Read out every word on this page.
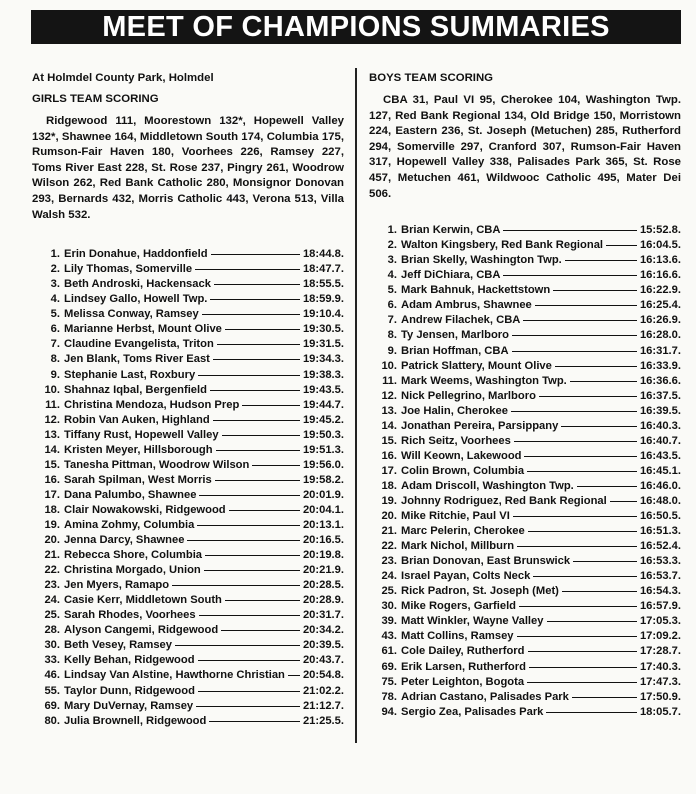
MEET OF CHAMPIONS SUMMARIES
At Holmdel County Park, Holmdel
GIRLS TEAM SCORING
Ridgewood 111, Moorestown 132*, Hopewell Valley 132*, Shawnee 164, Middletown South 174, Columbia 175, Rumson-Fair Haven 180, Voorhees 226, Ramsey 227, Toms River East 228, St. Rose 237, Pingry 261, Woodrow Wilson 262, Red Bank Catholic 280, Monsignor Donovan 293, Bernards 432, Morris Catholic 443, Verona 513, Villa Walsh 532.
1. Erin Donahue, Haddonfield	18:44.8.
2. Lily Thomas, Somerville	18:47.7.
3. Beth Androski, Hackensack	18:55.5.
4. Lindsey Gallo, Howell Twp.	18:59.9.
5. Melissa Conway, Ramsey	19:10.4.
6. Marianne Herbst, Mount Olive	19:30.5.
7. Claudine Evangelista, Triton	19:31.5.
8. Jen Blank, Toms River East	19:34.3.
9. Stephanie Last, Roxbury	19:38.3.
10. Shahnaz Iqbal, Bergenfield	19:43.5.
11. Christina Mendoza, Hudson Prep	19:44.7.
12. Robin Van Auken, Highland	19:45.2.
13. Tiffany Rust, Hopewell Valley	19:50.3.
14. Kristen Meyer, Hillsborough	19:51.3.
15. Tanesha Pittman, Woodrow Wilson	19:56.0.
16. Sarah Spilman, West Morris	19:58.2.
17. Dana Palumbo, Shawnee	20:01.9.
18. Clair Nowakowski, Ridgewood	20:04.1.
19. Amina Zohmy, Columbia	20:13.1.
20. Jenna Darcy, Shawnee	20:16.5.
21. Rebecca Shore, Columbia	20:19.8.
22. Christina Morgado, Union	20:21.9.
23. Jen Myers, Ramapo	20:28.5.
24. Casie Kerr, Middletown South	20:28.9.
25. Sarah Rhodes, Voorhees	20:31.7.
28. Alyson Cangemi, Ridgewood	20:34.2.
30. Beth Vesey, Ramsey	20:39.5.
33. Kelly Behan, Ridgewood	20:43.7.
46. Lindsay Van Alstine, Hawthorne Christian 20:54.8.
55. Taylor Dunn, Ridgewood	21:02.2.
69. Mary DuVernay, Ramsey	21:12.7.
80. Julia Brownell, Ridgewood	21:25.5.
BOYS TEAM SCORING
CBA 31, Paul VI 95, Cherokee 104, Washington Twp. 127, Red Bank Regional 134, Old Bridge 150, Morristown 224, Eastern 236, St. Joseph (Metuchen) 285, Rutherford 294, Somerville 297, Cranford 307, Rumson-Fair Haven 317, Hopewell Valley 338, Palisades Park 365, St. Rose 457, Metuchen 461, Wildwooc Catholic 495, Mater Dei 506.
1. Brian Kerwin, CBA	15:52.8.
2. Walton Kingsbery, Red Bank Regional	16:04.5.
3. Brian Skelly, Washington Twp.	16:13.6.
4. Jeff DiChiara, CBA	16:16.6.
5. Mark Bahnuk, Hackettstown	16:22.9.
6. Adam Ambrus, Shawnee	16:25.4.
7. Andrew Filachek, CBA	16:26.9.
8. Ty Jensen, Marlboro	16:28.0.
9. Brian Hoffman, CBA	16:31.7.
10. Patrick Slattery, Mount Olive	16:33.9.
11. Mark Weems, Washington Twp.	16:36.6.
12. Nick Pellegrino, Marlboro	16:37.5.
13. Joe Halin, Cherokee	16:39.5.
14. Jonathan Pereira, Parsippany	16:40.3.
15. Rich Seitz, Voorhees	16:40.7.
16. Will Keown, Lakewood	16:43.5.
17. Colin Brown, Columbia	16:45.1.
18. Adam Driscoll, Washington Twp.	16:46.0.
19. Johnny Rodriguez, Red Bank Regional	16:48.0.
20. Mike Ritchie, Paul VI	16:50.5.
21. Marc Pelerin, Cherokee	16:51.3.
22. Mark Nichol, Millburn	16:52.4.
23. Brian Donovan, East Brunswick	16:53.3.
24. Israel Payan, Colts Neck	16:53.7.
25. Rick Padron, St. Joseph (Met)	16:54.3.
30. Mike Rogers, Garfield	16:57.9.
39. Matt Winkler, Wayne Valley	17:05.3.
43. Matt Collins, Ramsey	17:09.2.
61. Cole Dailey, Rutherford	17:28.7.
69. Erik Larsen, Rutherford	17:40.3.
75. Peter Leighton, Bogota	17:47.3.
78. Adrian Castano, Palisades Park	17:50.9.
94. Sergio Zea, Palisades Park	18:05.7.
